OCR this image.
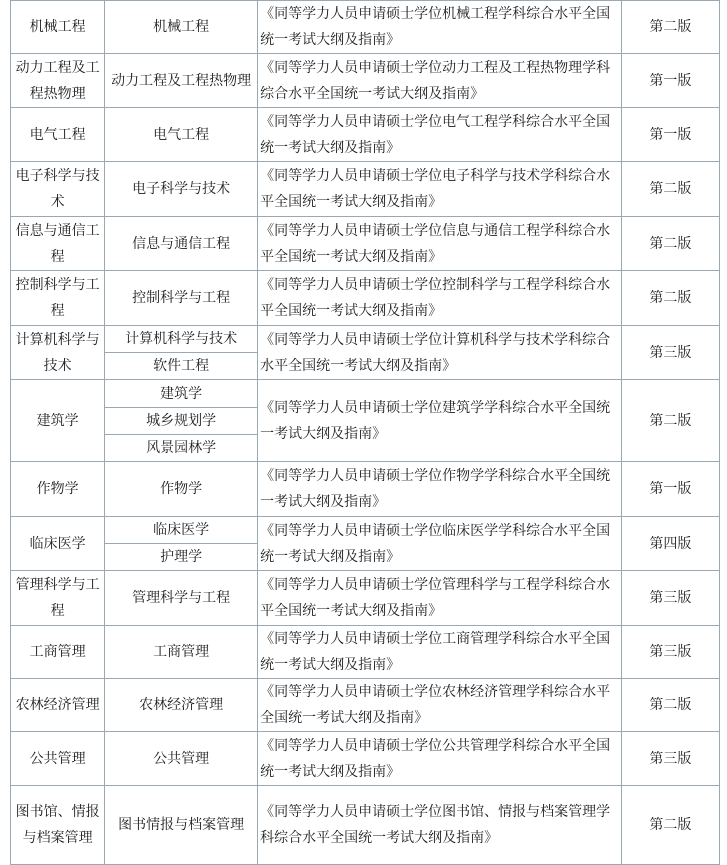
机械工程	机械工程	《同等学力人员申请硕士学位机械工程学科综合水平全国统一考试大纲及指南》	第二版
动力工程及工程热物理	动力工程及工程热物理	《同等学力人员申请硕士学位动力工程及工程热物理学科综合水平全国统一考试大纲及指南》	第一版
电气工程	电气工程	《同等学力人员申请硕士学位电气工程学科综合水平全国统一考试大纲及指南》	第一版
电子科学与技术	电子科学与技术	《同等学力人员申请硕士学位电子科学与技术学科综合水平全国统一考试大纲及指南》	第二版
信息与通信工程	信息与通信工程	《同等学力人员申请硕士学位信息与通信工程学科综合水平全国统一考试大纲及指南》	第二版
控制科学与工程	控制科学与工程	《同等学力人员申请硕士学位控制科学与工程学科综合水平全国统一考试大纲及指南》	第二版
计算机科学与技术	计算机科学与技术	《同等学力人员申请硕士学位计算机科学与技术学科综合水平全国统一考试大纲及指南》	第三版
	软件工程		
建筑学	建筑学	《同等学力人员申请硕士学位建筑学学科综合水平全国统一考试大纲及指南》	第二版
	城乡规划学		
	风景园林学		
作物学	作物学	《同等学力人员申请硕士学位作物学学科综合水平全国统一考试大纲及指南》	第一版
临床医学	临床医学	《同等学力人员申请硕士学位临床医学学科综合水平全国统一考试大纲及指南》	第四版
	护理学		
管理科学与工程	管理科学与工程	《同等学力人员申请硕士学位管理科学与工程学科综合水平全国统一考试大纲及指南》	第三版
工商管理	工商管理	《同等学力人员申请硕士学位工商管理学科综合水平全国统一考试大纲及指南》	第三版
农林经济管理	农林经济管理	《同等学力人员申请硕士学位农林经济管理学科综合水平全国统一考试大纲及指南》	第二版
公共管理	公共管理	《同等学力人员申请硕士学位公共管理学科综合水平全国统一考试大纲及指南》	第三版
图书馆、情报与档案管理	图书情报与档案管理	《同等学力人员申请硕士学位图书馆、情报与档案管理学科综合水平全国统一考试大纲及指南》	第二版
